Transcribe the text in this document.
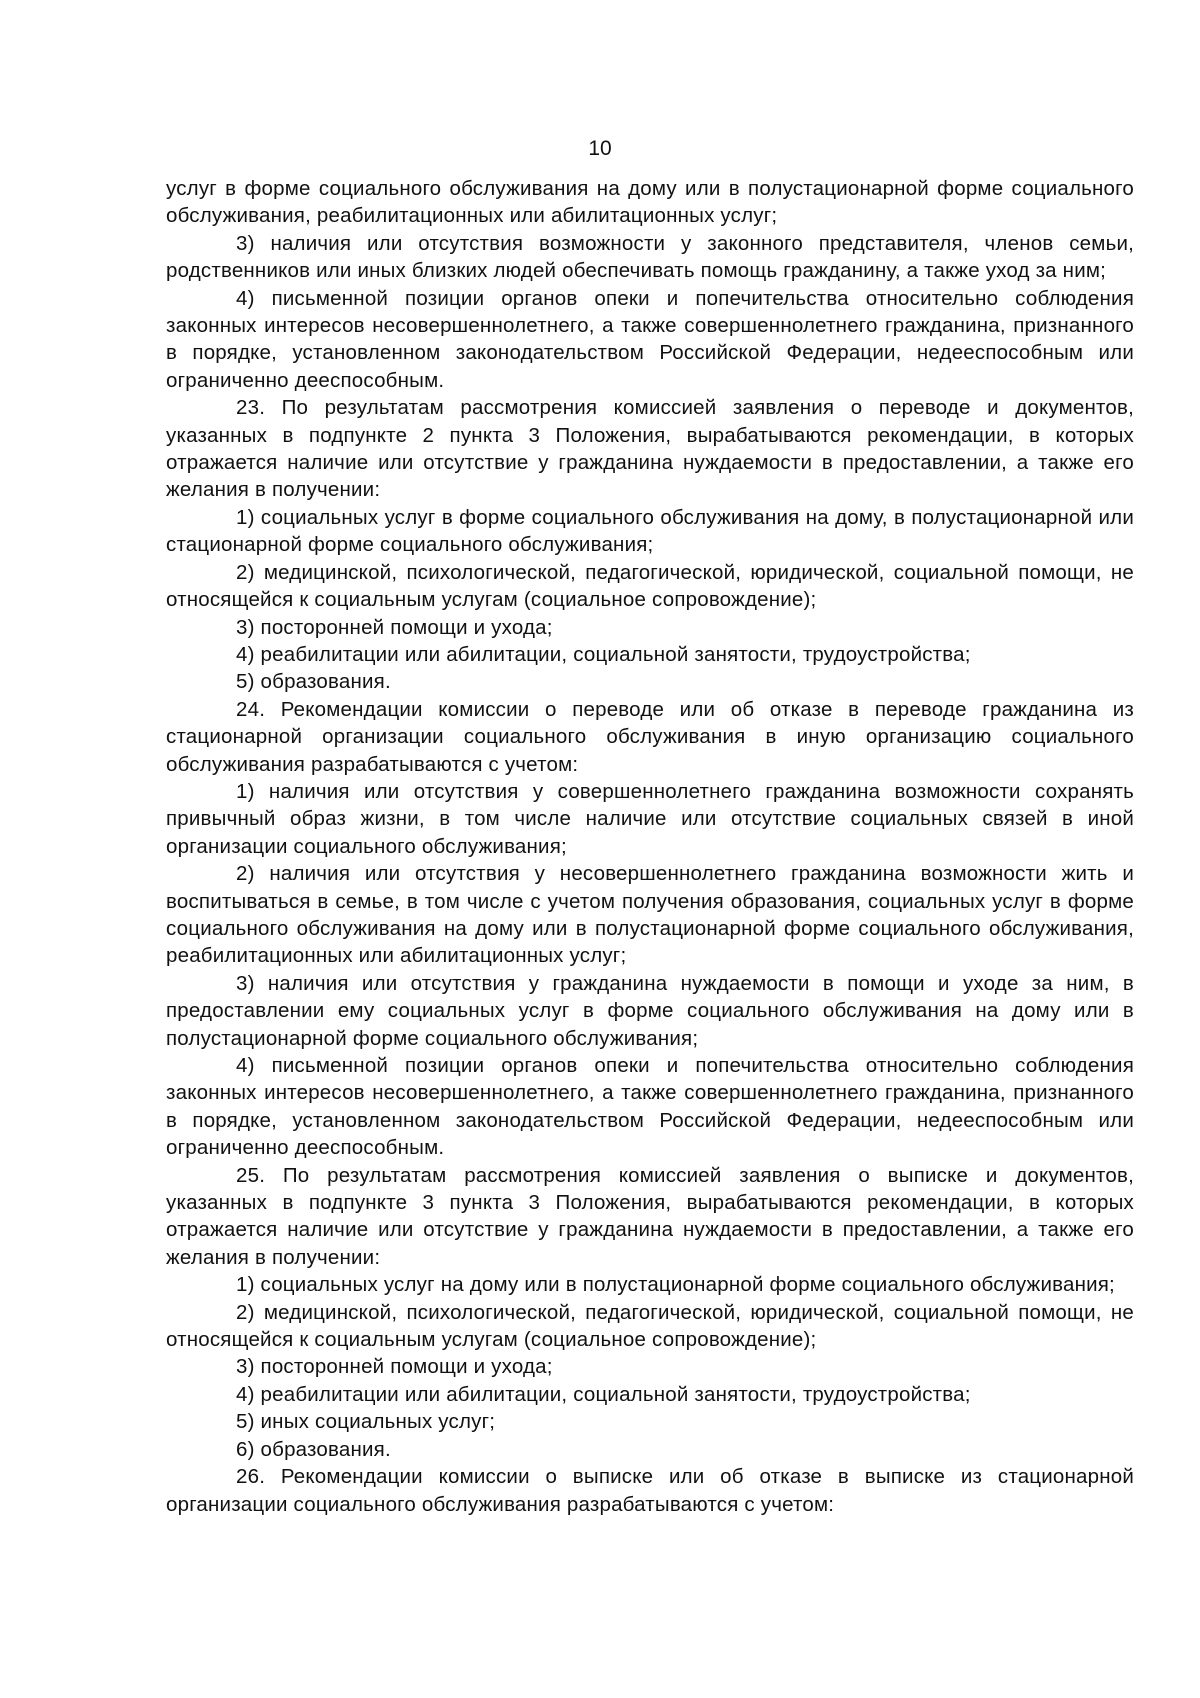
10

услуг в форме социального обслуживания на дому или в полустационарной форме социального обслуживания, реабилитационных или абилитационных услуг;

3) наличия или отсутствия возможности у законного представителя, членов семьи, родственников или иных близких людей обеспечивать помощь гражданину, а также уход за ним;

4) письменной позиции органов опеки и попечительства относительно соблюдения законных интересов несовершеннолетнего, а также совершеннолетнего гражданина, признанного в порядке, установленном законодательством Российской Федерации, недееспособным или ограниченно дееспособным.

23. По результатам рассмотрения комиссией заявления о переводе и документов, указанных в подпункте 2 пункта 3 Положения, вырабатываются рекомендации, в которых отражается наличие или отсутствие у гражданина нуждаемости в предоставлении, а также его желания в получении:

1) социальных услуг в форме социального обслуживания на дому, в полустационарной или стационарной форме социального обслуживания;

2) медицинской, психологической, педагогической, юридической, социальной помощи, не относящейся к социальным услугам (социальное сопровождение);

3) посторонней помощи и ухода;

4) реабилитации или абилитации, социальной занятости, трудоустройства;

5) образования.

24. Рекомендации комиссии о переводе или об отказе в переводе гражданина из стационарной организации социального обслуживания в иную организацию социального обслуживания разрабатываются с учетом:

1) наличия или отсутствия у совершеннолетнего гражданина возможности сохранять привычный образ жизни, в том числе наличие или отсутствие социальных связей в иной организации социального обслуживания;

2) наличия или отсутствия у несовершеннолетнего гражданина возможности жить и воспитываться в семье, в том числе с учетом получения образования, социальных услуг в форме социального обслуживания на дому или в полустационарной форме социального обслуживания, реабилитационных или абилитационных услуг;

3) наличия или отсутствия у гражданина нуждаемости в помощи и уходе за ним, в предоставлении ему социальных услуг в форме социального обслуживания на дому или в полустационарной форме социального обслуживания;

4) письменной позиции органов опеки и попечительства относительно соблюдения законных интересов несовершеннолетнего, а также совершеннолетнего гражданина, признанного в порядке, установленном законодательством Российской Федерации, недееспособным или ограниченно дееспособным.

25. По результатам рассмотрения комиссией заявления о выписке и документов, указанных в подпункте 3 пункта 3 Положения, вырабатываются рекомендации, в которых отражается наличие или отсутствие у гражданина нуждаемости в предоставлении, а также его желания в получении:

1) социальных услуг на дому или в полустационарной форме социального обслуживания;

2) медицинской, психологической, педагогической, юридической, социальной помощи, не относящейся к социальным услугам (социальное сопровождение);

3) посторонней помощи и ухода;

4) реабилитации или абилитации, социальной занятости, трудоустройства;

5) иных социальных услуг;

6) образования.

26. Рекомендации комиссии о выписке или об отказе в выписке из стационарной организации социального обслуживания разрабатываются с учетом:
